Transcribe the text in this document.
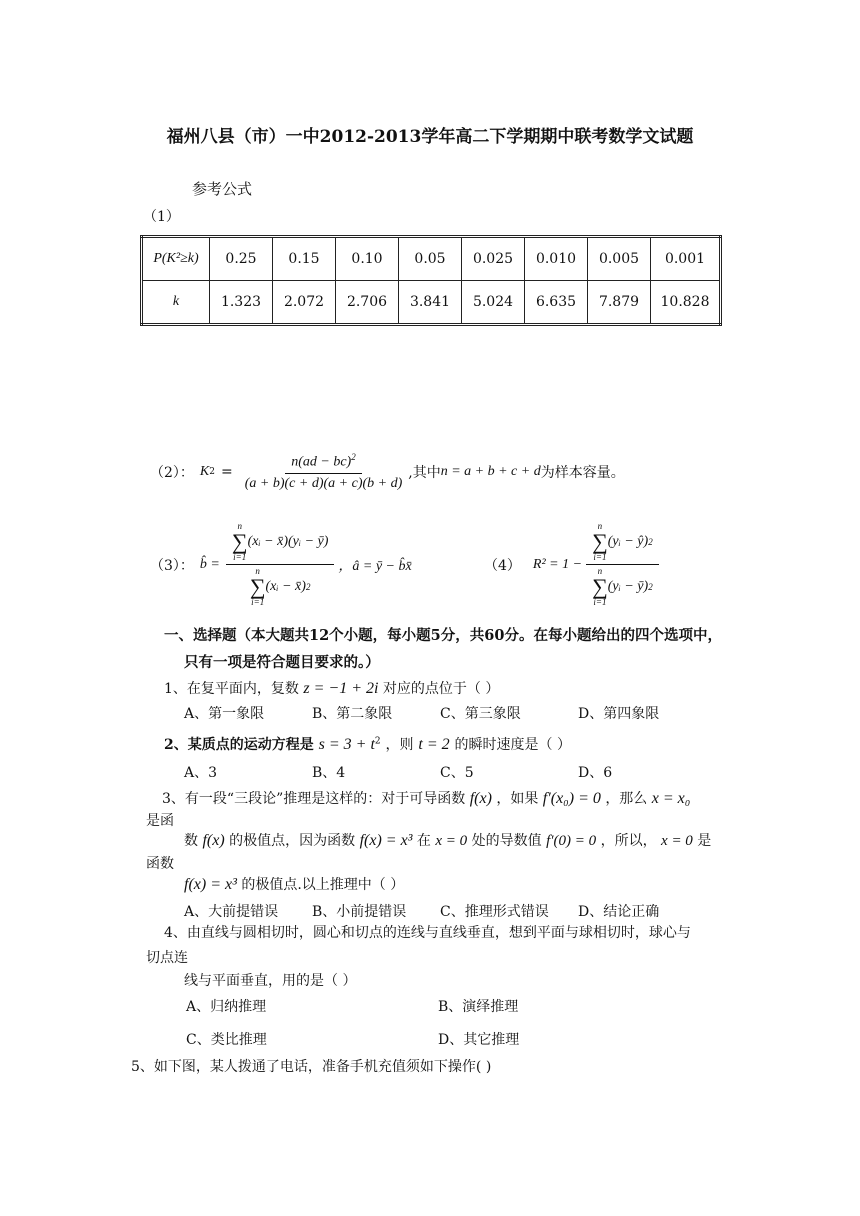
福州八县（市）一中2012-2013学年高二下学期期中联考数学文试题
参考公式
（1）
P(K²≥k)	0.25	0.15	0.10	0.05	0.025	0.010	0.005	0.001
k	1.323	2.072	2.706	3.841	5.024	6.635	7.879	10.828
（2）： K $2 = \frac{n(ad - bc)^2}{(a + b)(c + d)(a + c)(b + d)}$ ,其中 n = a + b + c + d 为样本容量。
（3）： b̂ = n
∑
i=1
(xᵢ − x̄)(yᵢ − ȳ)
n
∑
i=1
(xᵢ − x̄) 2 ，â = ȳ − b̂x̄	（4） R² = 1 − n
∑
i=1
(yᵢ − ŷ) 2
n
∑
i=1
(yᵢ − ȳ) 2
一、选择题（本大题共12个小题，每小题5分，共60分。在每小题给出的四个选项中，
只有一项是符合题目要求的。）
1、在复平面内，复数 z = −1 + 2i 对应的点位于（ ）
A、第一象限	B、第二象限	C、第三象限	D、第四象限
2、某质点的运动方程是 $s = 3 + t^2$ ，则 t = 2 的瞬时速度是（ ）
A、3	B、4	C、5	D、6
3、有一段“三段论”推理是这样的：对于可导函数 f(x) ，如果 f′(x₀) = 0 ，那么 x = x₀
是函
数 f(x) 的极值点，因为函数 f(x) = x³ 在 x = 0 处的导数值 f′(0) = 0 ，所以， x = 0 是
函数
f(x) = x³ 的极值点.以上推理中（ ）
A、大前提错误 B、小前提错误 C、推理形式错误 D、结论正确
4、由直线与圆相切时，圆心和切点的连线与直线垂直，想到平面与球相切时，球心与
切点连
线与平面垂直，用的是（ ）
A、归纳推理	B、演绎推理
C、类比推理	D、其它推理
5、如下图，某人拨通了电话，准备手机充值须如下操作( )
